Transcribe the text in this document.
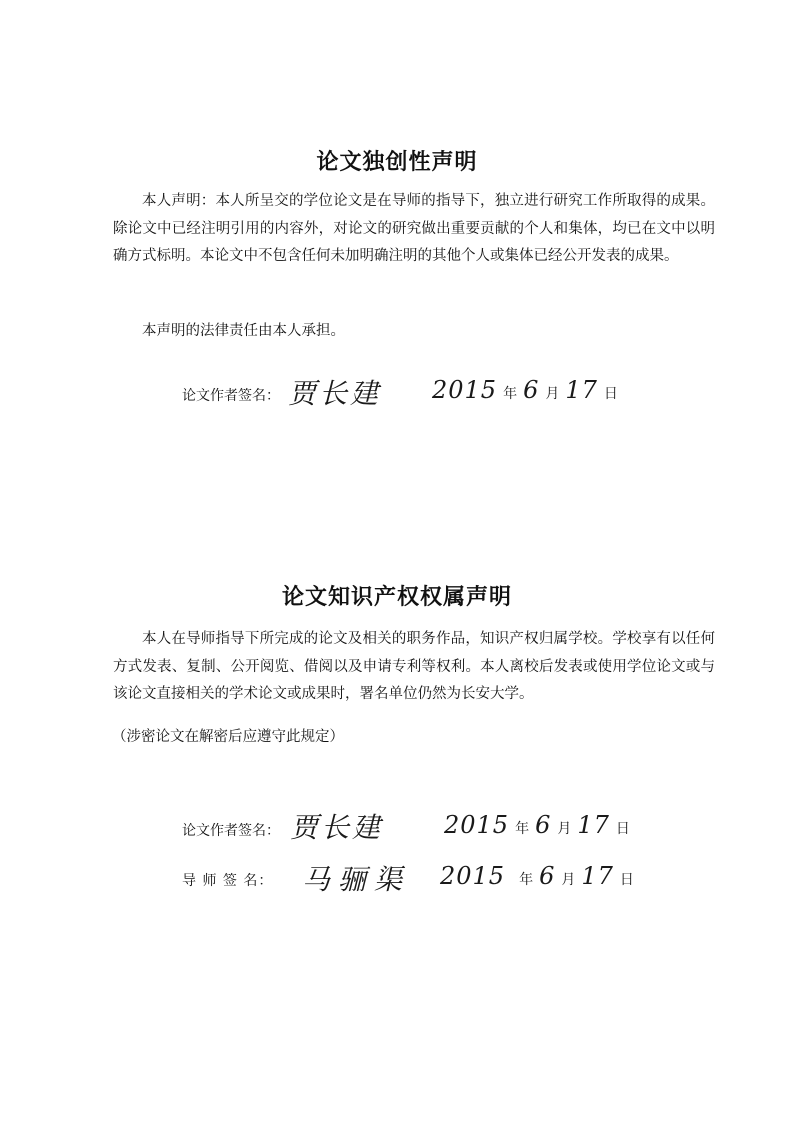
论文独创性声明
本人声明：本人所呈交的学位论文是在导师的指导下，独立进行研究工作所取得的成果。除论文中已经注明引用的内容外，对论文的研究做出重要贡献的个人和集体，均已在文中以明确方式标明。本论文中不包含任何未加明确注明的其他个人或集体已经公开发表的成果。
本声明的法律责任由本人承担。
论文作者签名： 贾长建 2015 年 6 月 17 日
论文知识产权权属声明
本人在导师指导下所完成的论文及相关的职务作品，知识产权归属学校。学校享有以任何方式发表、复制、公开阅览、借阅以及申请专利等权利。本人离校后发表或使用学位论文或与该论文直接相关的学术论文或成果时，署名单位仍然为长安大学。
（涉密论文在解密后应遵守此规定）
论文作者签名： 贾长建	2015 年 6 月 17 日
导 师 签 名： 马骊渠 2015 年 6 月 17 日
